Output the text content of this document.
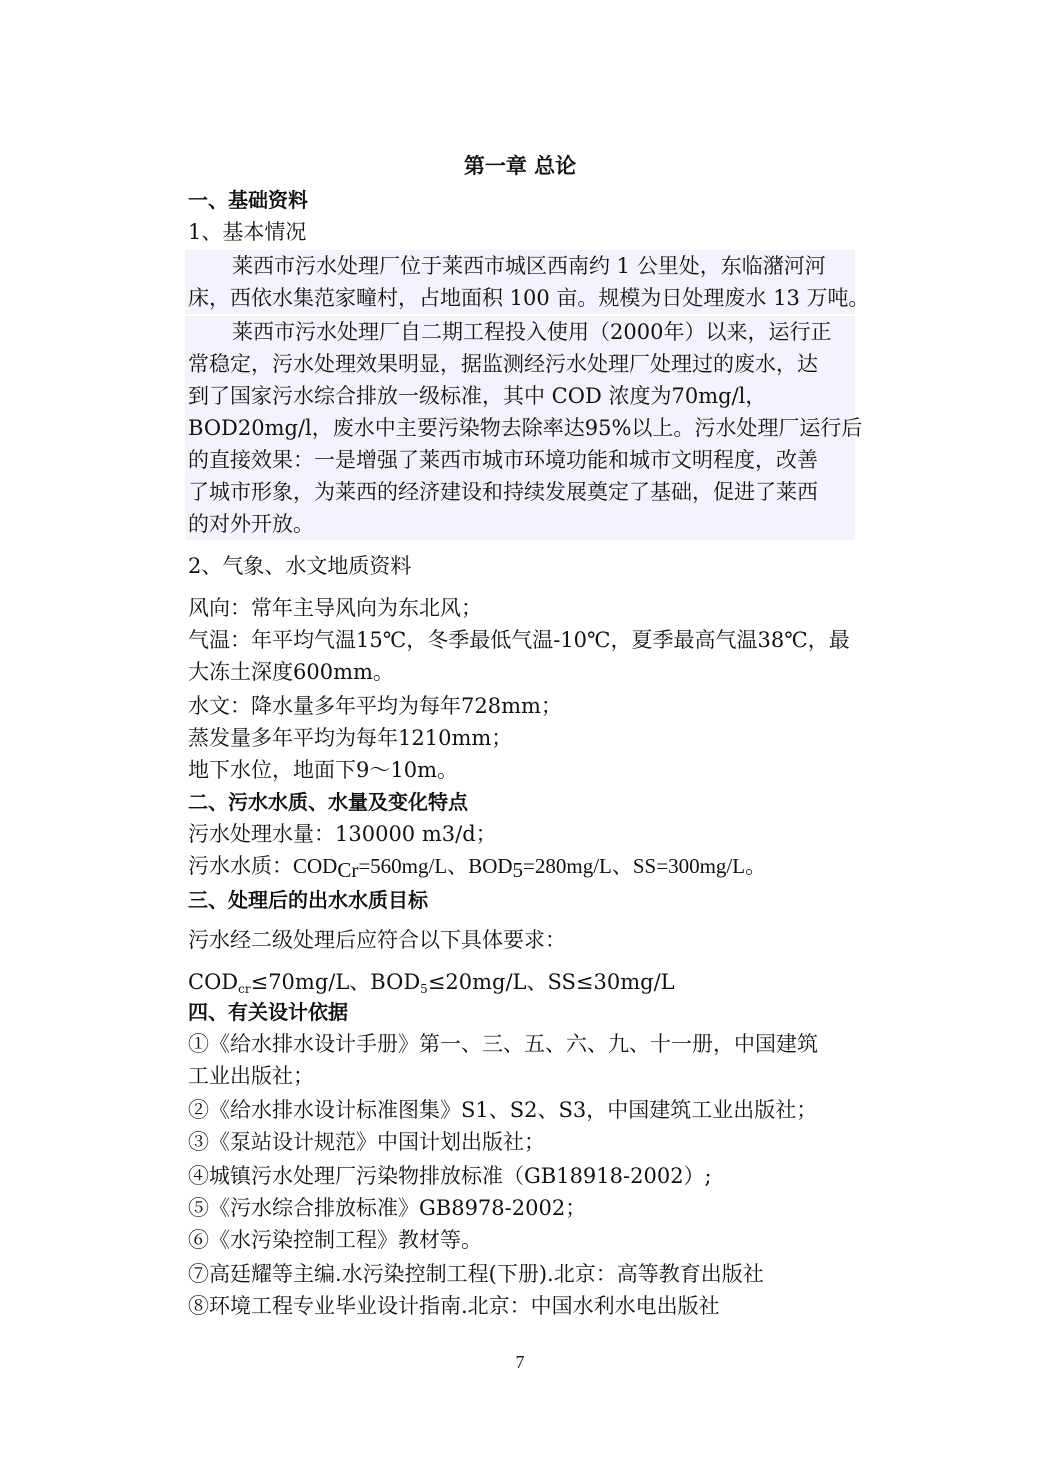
第一章 总论
一、基础资料
1、基本情况
莱西市污水处理厂位于莱西市城区西南约 1 公里处，东临潴河河
床，西依水集范家疃村，占地面积 100 亩。规模为日处理废水 13 万吨。
莱西市污水处理厂自二期工程投入使用（2000年）以来，运行正
常稳定，污水处理效果明显，据监测经污水处理厂处理过的废水，达
到了国家污水综合排放一级标准，其中 COD 浓度为70mg/l，
BOD20mg/l，废水中主要污染物去除率达95%以上。污水处理厂运行后
的直接效果：一是增强了莱西市城市环境功能和城市文明程度，改善
了城市形象，为莱西的经济建设和持续发展奠定了基础，促进了莱西
的对外开放。
2、气象、水文地质资料
风向：常年主导风向为东北风；
气温：年平均气温15℃，冬季最低气温-10℃，夏季最高气温38℃，最
大冻土深度600mm。
水文：降水量多年平均为每年728mm；
蒸发量多年平均为每年1210mm；
地下水位，地面下9～10m。
二、污水水质、水量及变化特点
污水处理水量：130000 m3/d；
污水水质：$COD_{Cr}=560mg/L$、$BOD_5=280mg/L$、SS=300mg/L。
三、处理后的出水水质目标
污水经二级处理后应符合以下具体要求：
$COD_{cr}\le 70mg/L$、$BOD_5\le 20mg/L$、SS≤30mg/L
四、有关设计依据
①《给水排水设计手册》第一、三、五、六、九、十一册，中国建筑
工业出版社；
②《给水排水设计标准图集》S1、S2、S3，中国建筑工业出版社；
③《泵站设计规范》中国计划出版社；
④城镇污水处理厂污染物排放标准（GB18918-2002）;
⑤《污水综合排放标准》GB8978-2002；
⑥《水污染控制工程》教材等。
⑦高廷耀等主编.水污染控制工程(下册).北京：高等教育出版社
⑧环境工程专业毕业设计指南.北京：中国水利水电出版社
7
